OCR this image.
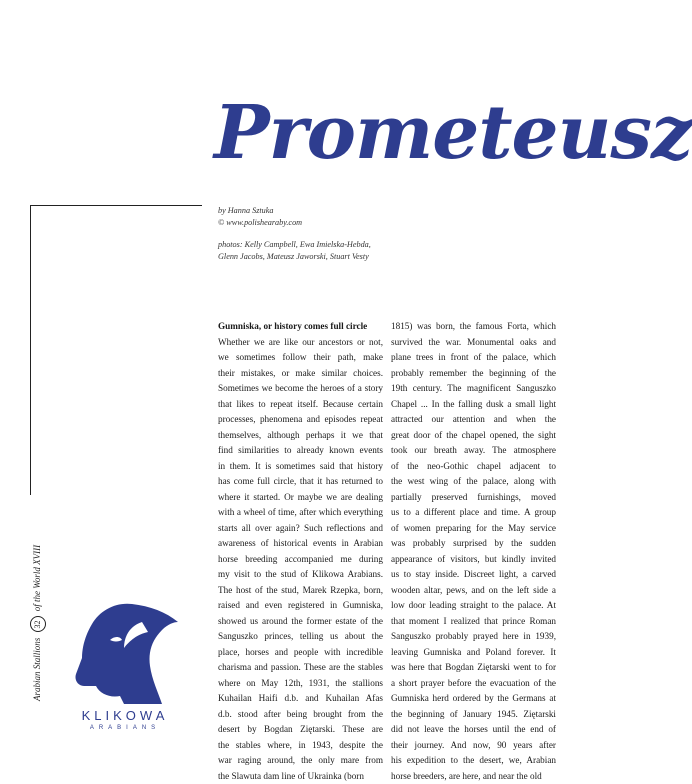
Prometeusz
by Hanna Sztuka
© www.polishearaby.com
photos: Kelly Campbell, Ewa Imielska-Hebda,
Glenn Jacobs, Mateusz Jaworski, Stuart Vesty
Gumniska, or history comes full circle
Whether we are like our ancestors or not,
we sometimes follow their path, make
their mistakes, or make similar choices.
Sometimes we become the heroes of a story
that likes to repeat itself. Because certain
processes, phenomena and episodes repeat
themselves, although perhaps it we that
find similarities to already known events
in them. It is sometimes said that history
has come full circle, that it has returned to
where it started. Or maybe we are dealing
with a wheel of time, after which everything
starts all over again? Such reflections and
awareness of historical events in Arabian
horse breeding accompanied me during
my visit to the stud of Klikowa Arabians.
The host of the stud, Marek Rzepka, born,
raised and even registered in Gumniska,
showed us around the former estate of the
Sanguszko princes, telling us about the
place, horses and people with incredible
charisma and passion. These are the stables
where on May 12th, 1931, the stallions
Kuhailan Haifi d.b. and Kuhailan Afas
d.b. stood after being brought from the
desert by Bogdan Ziętarski. These are
the stables where, in 1943, despite the
war raging around, the only mare from
the Slawuta dam line of Ukrainka (born
1815) was born, the famous Forta, which
survived the war. Monumental oaks and
plane trees in front of the palace, which
probably remember the beginning of the
19th century. The magnificent Sanguszko
Chapel ... In the falling dusk a small light
attracted our attention and when the
great door of the chapel opened, the sight
took our breath away. The atmosphere
of the neo-Gothic chapel adjacent to
the west wing of the palace, along with
partially preserved furnishings, moved
us to a different place and time. A group
of women preparing for the May service
was probably surprised by the sudden
appearance of visitors, but kindly invited
us to stay inside. Discreet light, a carved
wooden altar, pews, and on the left side a
low door leading straight to the palace. At
that moment I realized that prince Roman
Sanguszko probably prayed here in 1939,
leaving Gumniska and Poland forever. It
was here that Bogdan Ziętarski went to for
a short prayer before the evacuation of the
Gumniska herd ordered by the Germans at
the beginning of January 1945. Ziętarski
did not leave the horses until the end of
their journey. And now, 90 years after
his expedition to the desert, we, Arabian
horse breeders, are here, and near the old
Arabian Stallions 32 of the World XVIII
KLIKOWA
ARABIANS
